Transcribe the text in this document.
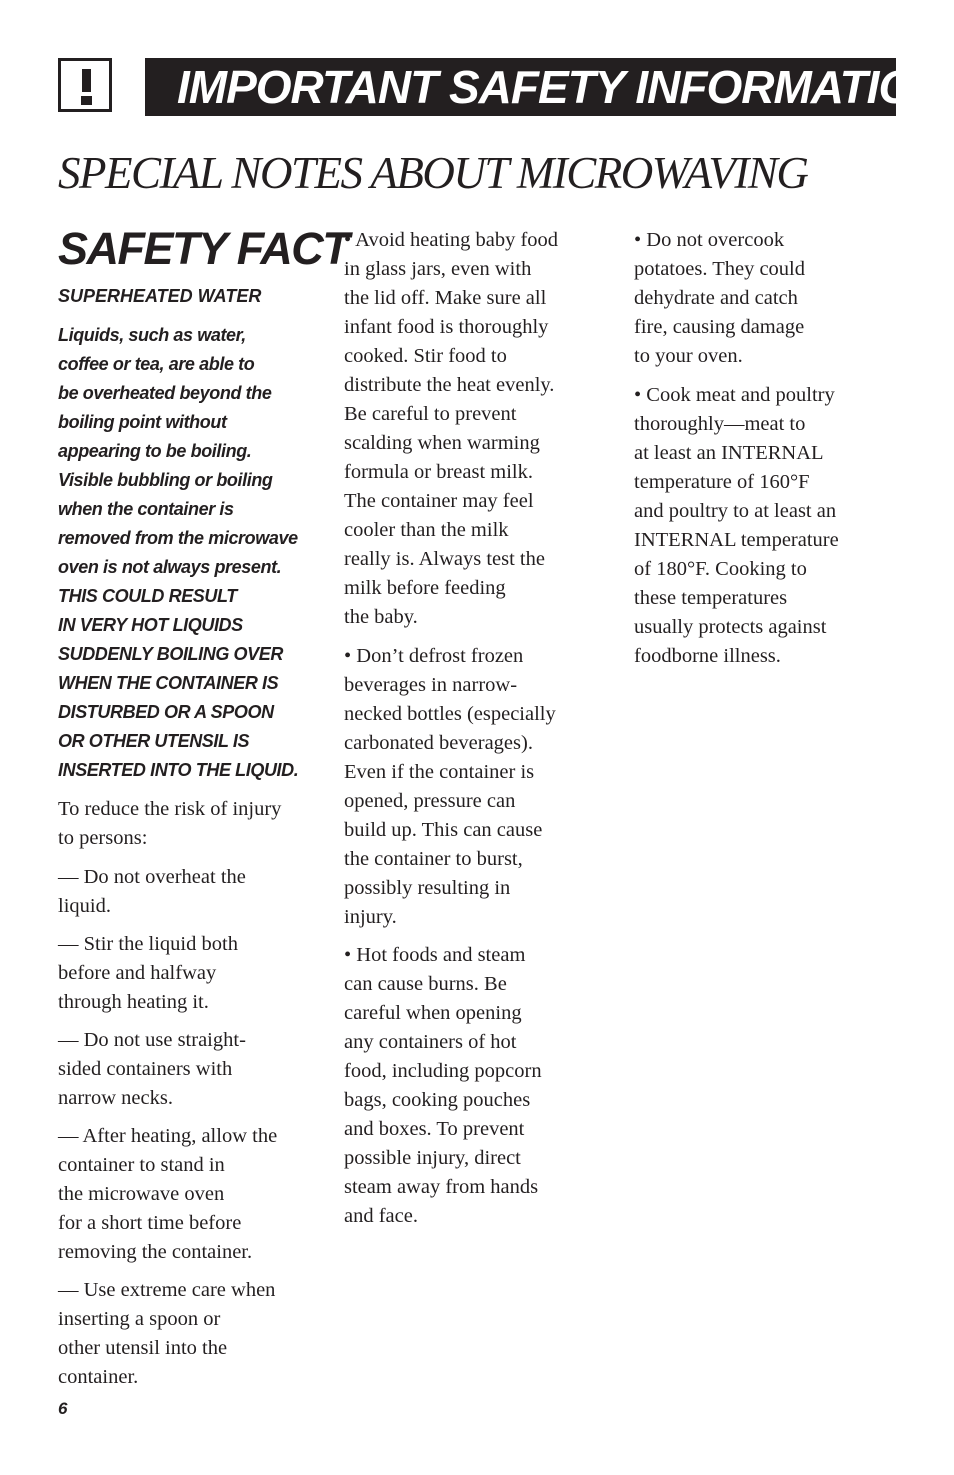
IMPORTANT SAFETY INFORMATION
SPECIAL NOTES ABOUT MICROWAVING
SAFETY FACT
SUPERHEATED WATER
Liquids, such as water,
coffee or tea, are able to
be overheated beyond the
boiling point without
appearing to be boiling.
Visible bubbling or boiling
when the container is
removed from the microwave
oven is not always present.
THIS COULD RESULT
IN VERY HOT LIQUIDS
SUDDENLY BOILING OVER
WHEN THE CONTAINER IS
DISTURBED OR A SPOON
OR OTHER UTENSIL IS
INSERTED INTO THE LIQUID.
To reduce the risk of injury
to persons:
— Do not overheat the
liquid.
— Stir the liquid both
before and halfway
through heating it.
— Do not use straight-
sided containers with
narrow necks.
— After heating, allow the
container to stand in
the microwave oven
for a short time before
removing the container.
— Use extreme care when
inserting a spoon or
other utensil into the
container.
• Avoid heating baby food
in glass jars, even with
the lid off. Make sure all
infant food is thoroughly
cooked. Stir food to
distribute the heat evenly.
Be careful to prevent
scalding when warming
formula or breast milk.
The container may feel
cooler than the milk
really is. Always test the
milk before feeding
the baby.
• Don’t defrost frozen
beverages in narrow-
necked bottles (especially
carbonated beverages).
Even if the container is
opened, pressure can
build up. This can cause
the container to burst,
possibly resulting in
injury.
• Hot foods and steam
can cause burns. Be
careful when opening
any containers of hot
food, including popcorn
bags, cooking pouches
and boxes. To prevent
possible injury, direct
steam away from hands
and face.
• Do not overcook
potatoes. They could
dehydrate and catch
fire, causing damage
to your oven.
• Cook meat and poultry
thoroughly—meat to
at least an INTERNAL
temperature of 160°F
and poultry to at least an
INTERNAL temperature
of 180°F. Cooking to
these temperatures
usually protects against
foodborne illness.
6
